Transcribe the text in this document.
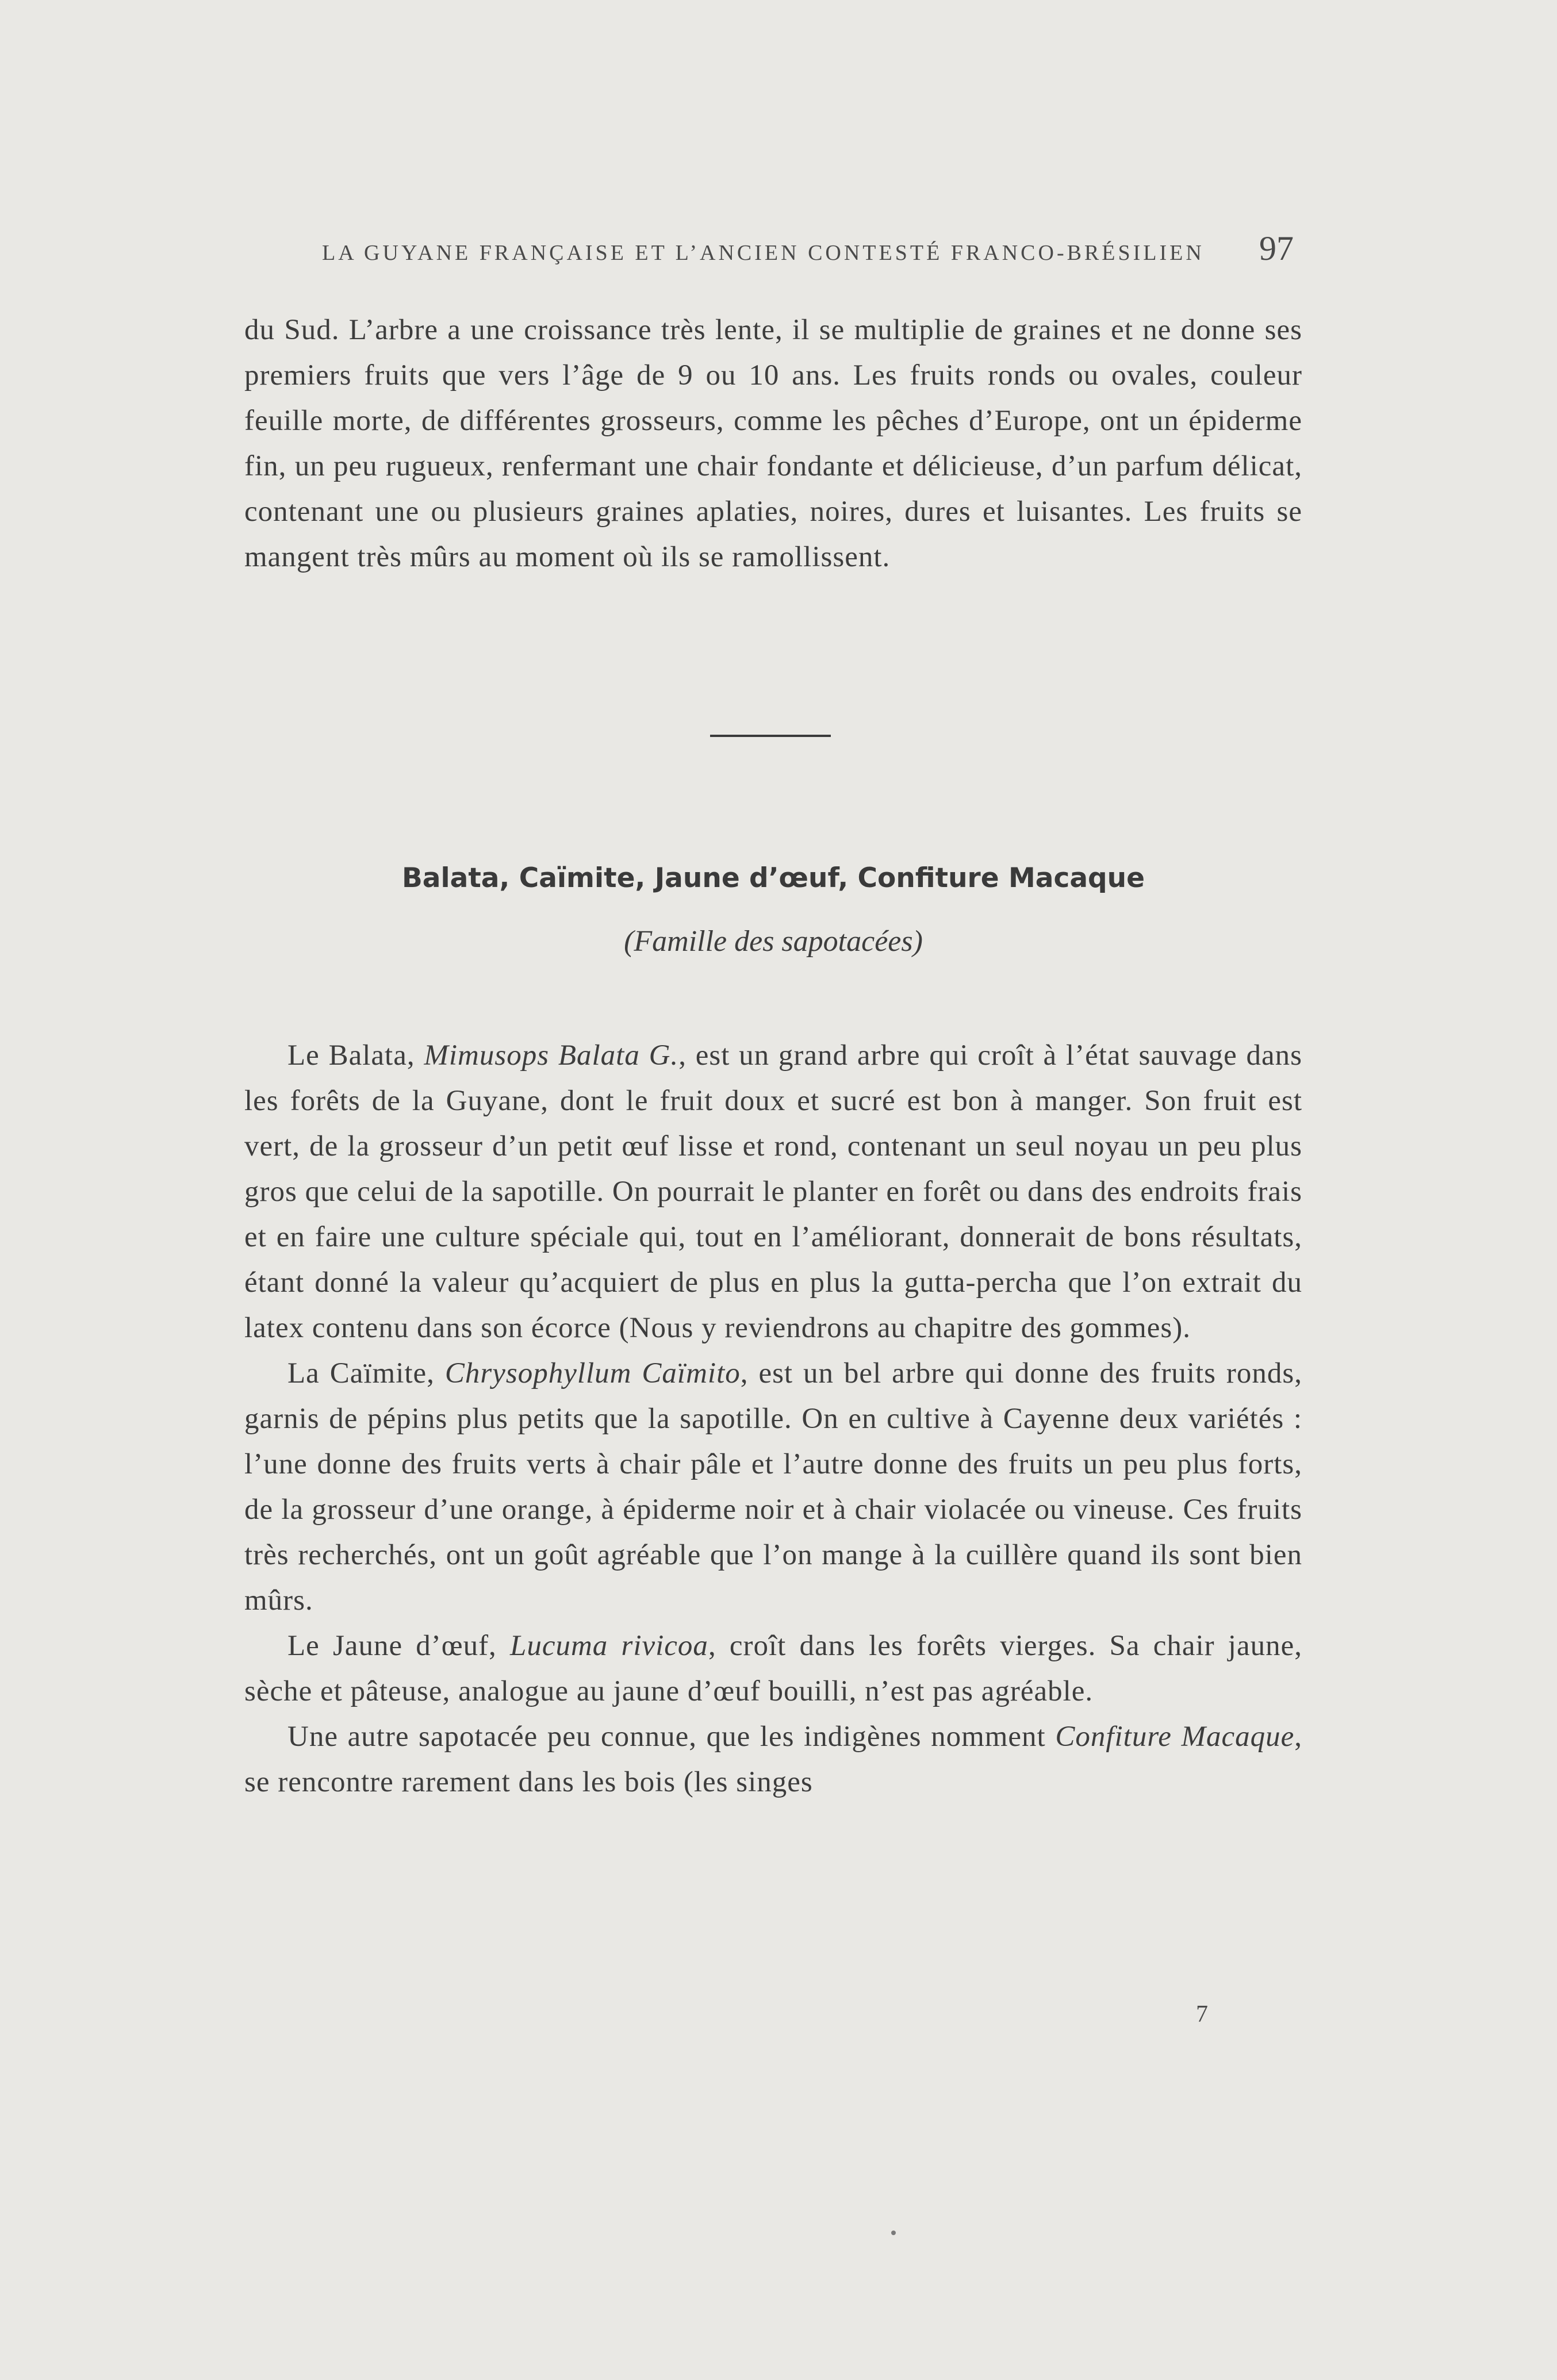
LA GUYANE FRANÇAISE ET L’ANCIEN CONTESTÉ FRANCO-BRÉSILIEN 97

du Sud. L’arbre a une croissance très lente, il se multiplie de graines et ne donne ses premiers fruits que vers l’âge de 9 ou 10 ans. Les fruits ronds ou ovales, couleur feuille morte, de différentes grosseurs, comme les pêches d’Europe, ont un épiderme fin, un peu rugueux, renfermant une chair fondante et délicieuse, d’un parfum délicat, contenant une ou plusieurs graines aplaties, noires, dures et luisantes. Les fruits se mangent très mûrs au moment où ils se ramollissent.

Balata, Caïmite, Jaune d’œuf, Confiture Macaque
(Famille des sapotacées)

Le Balata, Mimusops Balata G., est un grand arbre qui croît à l’état sauvage dans les forêts de la Guyane, dont le fruit doux et sucré est bon à manger. Son fruit est vert, de la grosseur d’un petit œuf lisse et rond, contenant un seul noyau un peu plus gros que celui de la sapotille. On pourrait le planter en forêt ou dans des endroits frais et en faire une culture spéciale qui, tout en l’améliorant, donnerait de bons résultats, étant donné la valeur qu’acquiert de plus en plus la gutta-percha que l’on extrait du latex contenu dans son écorce (Nous y reviendrons au chapitre des gommes).

La Caïmite, Chrysophyllum Caïmito, est un bel arbre qui donne des fruits ronds, garnis de pépins plus petits que la sapotille. On en cultive à Cayenne deux variétés : l’une donne des fruits verts à chair pâle et l’autre donne des fruits un peu plus forts, de la grosseur d’une orange, à épiderme noir et à chair violacée ou vineuse. Ces fruits très recherchés, ont un goût agréable que l’on mange à la cuillère quand ils sont bien mûrs.

Le Jaune d’œuf, Lucuma rivicoa, croît dans les forêts vierges. Sa chair jaune, sèche et pâteuse, analogue au jaune d’œuf bouilli, n’est pas agréable.

Une autre sapotacée peu connue, que les indigènes nomment Confiture Macaque, se rencontre rarement dans les bois (les singes

7
